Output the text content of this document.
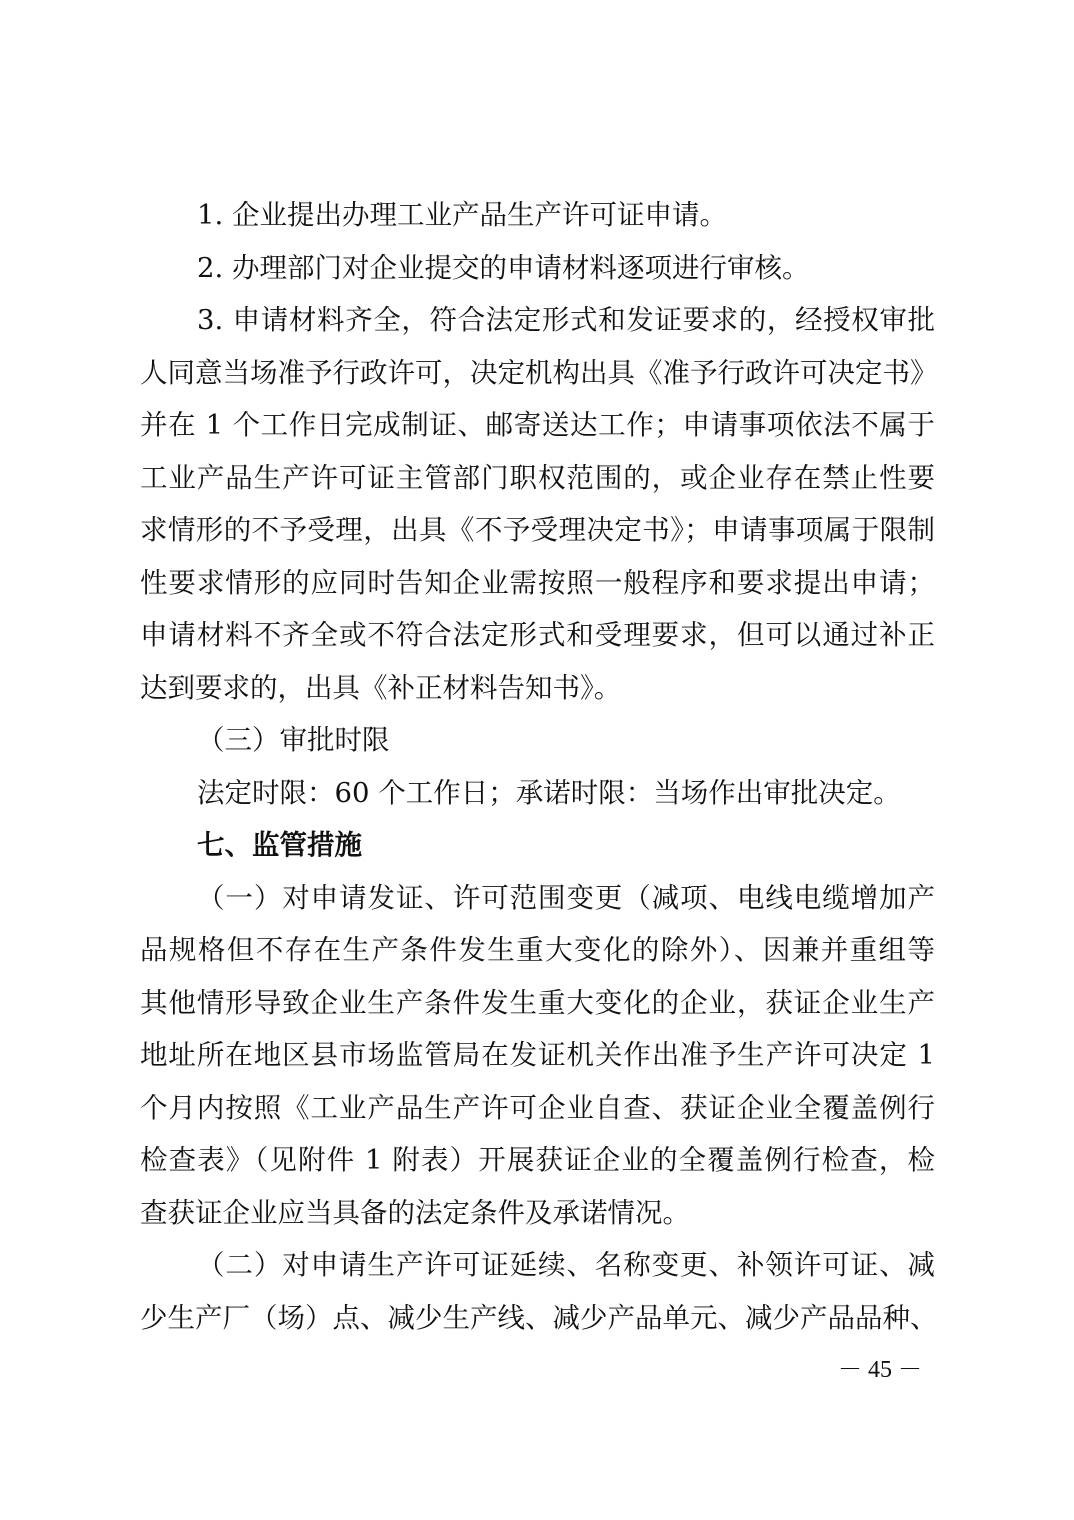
1. 企业提出办理工业产品生产许可证申请。
2. 办理部门对企业提交的申请材料逐项进行审核。
3. 申请材料齐全，符合法定形式和发证要求的，经授权审批
人同意当场准予行政许可，决定机构出具《准予行政许可决定书》
并在 1 个工作日完成制证、邮寄送达工作；申请事项依法不属于
工业产品生产许可证主管部门职权范围的，或企业存在禁止性要
求情形的不予受理，出具《不予受理决定书》；申请事项属于限制
性要求情形的应同时告知企业需按照一般程序和要求提出申请；
申请材料不齐全或不符合法定形式和受理要求，但可以通过补正
达到要求的，出具《补正材料告知书》。
（三）审批时限
法定时限：60 个工作日；承诺时限：当场作出审批决定。
七、监管措施
（一）对申请发证、许可范围变更（减项、电线电缆增加产
品规格但不存在生产条件发生重大变化的除外）、因兼并重组等
其他情形导致企业生产条件发生重大变化的企业，获证企业生产
地址所在地区县市场监管局在发证机关作出准予生产许可决定 1
个月内按照《工业产品生产许可企业自查、获证企业全覆盖例行
检查表》（见附件 1 附表）开展获证企业的全覆盖例行检查，检
查获证企业应当具备的法定条件及承诺情况。
（二）对申请生产许可证延续、名称变更、补领许可证、减
少生产厂（场）点、减少生产线、减少产品单元、减少产品品种、
－ 45 －
